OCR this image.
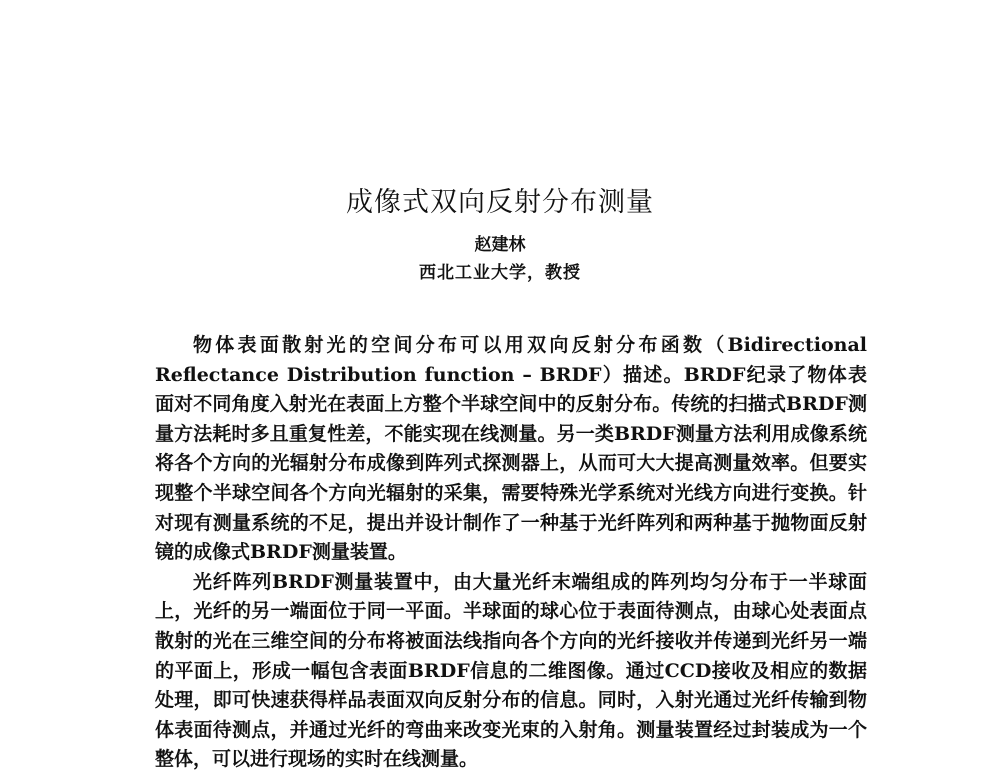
成像式双向反射分布测量
赵建林
西北工业大学，教授

物体表面散射光的空间分布可以用双向反射分布函数（Bidirectional Reflectance Distribution function – BRDF）描述。BRDF纪录了物体表面对不同角度入射光在表面上方整个半球空间中的反射分布。传统的扫描式BRDF测量方法耗时多且重复性差，不能实现在线测量。另一类BRDF测量方法利用成像系统将各个方向的光辐射分布成像到阵列式探测器上，从而可大大提高测量效率。但要实现整个半球空间各个方向光辐射的采集，需要特殊光学系统对光线方向进行变换。针对现有测量系统的不足，提出并设计制作了一种基于光纤阵列和两种基于抛物面反射镜的成像式BRDF测量装置。

光纤阵列BRDF测量装置中，由大量光纤末端组成的阵列均匀分布于一半球面上，光纤的另一端面位于同一平面。半球面的球心位于表面待测点，由球心处表面点散射的光在三维空间的分布将被面法线指向各个方向的光纤接收并传递到光纤另一端的平面上，形成一幅包含表面BRDF信息的二维图像。通过CCD接收及相应的数据处理，即可快速获得样品表面双向反射分布的信息。同时，入射光通过光纤传输到物体表面待测点，并通过光纤的弯曲来改变光束的入射角。测量装置经过封装成为一个整体，可以进行现场的实时在线测量。
